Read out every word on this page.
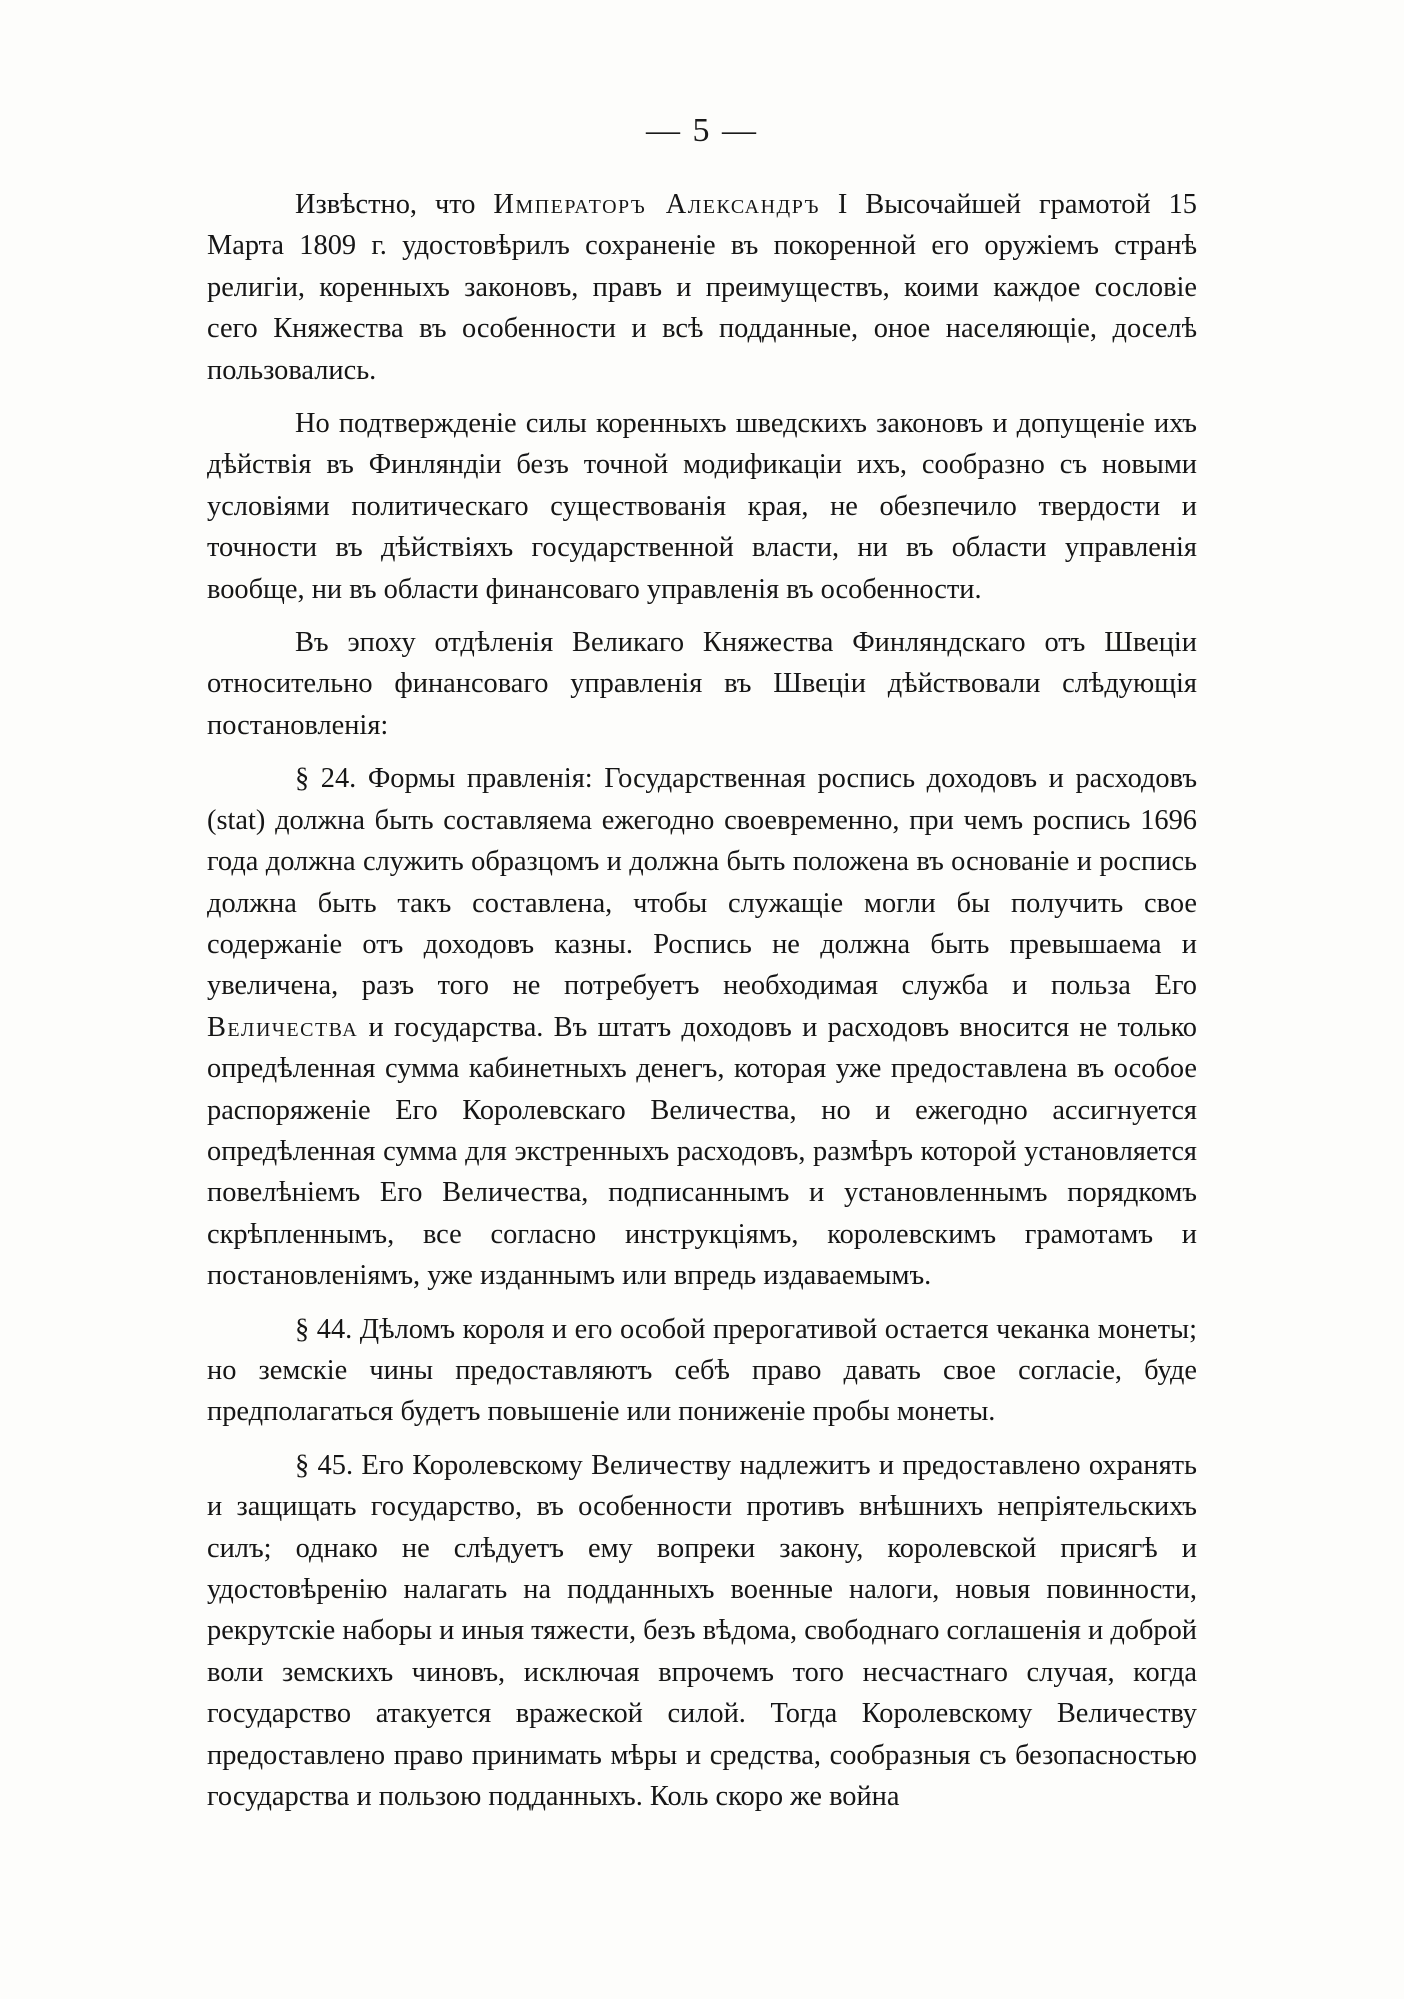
— 5 —

Извѣстно, что Императоръ Александръ I Высочайшей грамотой 15 Марта 1809 г. удостовѣрилъ сохраненіе въ покоренной его оружіемъ странѣ религіи, коренныхъ законовъ, правъ и преимуществъ, коими каждое сословіе сего Княжества въ особенности и всѣ подданные, оное населяющіе, доселѣ пользовались.

Но подтвержденіе силы коренныхъ шведскихъ законовъ и допущеніе ихъ дѣйствія въ Финляндіи безъ точной модификаціи ихъ, сообразно съ новыми условіями политическаго существованія края, не обезпечило твердости и точности въ дѣйствіяхъ государственной власти, ни въ области управленія вообще, ни въ области финансоваго управленія въ особенности.

Въ эпоху отдѣленія Великаго Княжества Финляндскаго отъ Швеціи относительно финансоваго управленія въ Швеціи дѣйствовали слѣдующія постановленія:

§ 24. Формы правленія: Государственная роспись доходовъ и расходовъ (stat) должна быть составляема ежегодно своевременно, при чемъ роспись 1696 года должна служить образцомъ и должна быть положена въ основаніе и роспись должна быть такъ составлена, чтобы служащіе могли бы получить свое содержаніе отъ доходовъ казны. Роспись не должна быть превышаема и увеличена, разъ того не потребуетъ необходимая служба и польза Его Величества и государства. Въ штатъ доходовъ и расходовъ вносится не только опредѣленная сумма кабинетныхъ денегъ, которая уже предоставлена въ особое распоряженіе Его Королевскаго Величества, но и ежегодно ассигнуется опредѣленная сумма для экстренныхъ расходовъ, размѣръ которой установляется повелѣніемъ Его Величества, подписаннымъ и установленнымъ порядкомъ скрѣпленнымъ, все согласно инструкціямъ, королевскимъ грамотамъ и постановленіямъ, уже изданнымъ или впредь издаваемымъ.

§ 44. Дѣломъ короля и его особой прерогативой остается чеканка монеты; но земскіе чины предоставляютъ себѣ право давать свое согласіе, буде предполагаться будетъ повышеніе или пониженіе пробы монеты.

§ 45. Его Королевскому Величеству надлежитъ и предоставлено охранять и защищать государство, въ особенности противъ внѣшнихъ непріятельскихъ силъ; однако не слѣдуетъ ему вопреки закону, королевской присягѣ и удостовѣренію налагать на подданныхъ военные налоги, новыя повинности, рекрутскіе наборы и иныя тяжести, безъ вѣдома, свободнаго соглашенія и доброй воли земскихъ чиновъ, исключая впрочемъ того несчастнаго случая, когда государство атакуется вражеской силой. Тогда Королевскому Величеству предоставлено право принимать мѣры и средства, сообразныя съ безопасностью государства и пользою подданныхъ. Коль скоро же война
